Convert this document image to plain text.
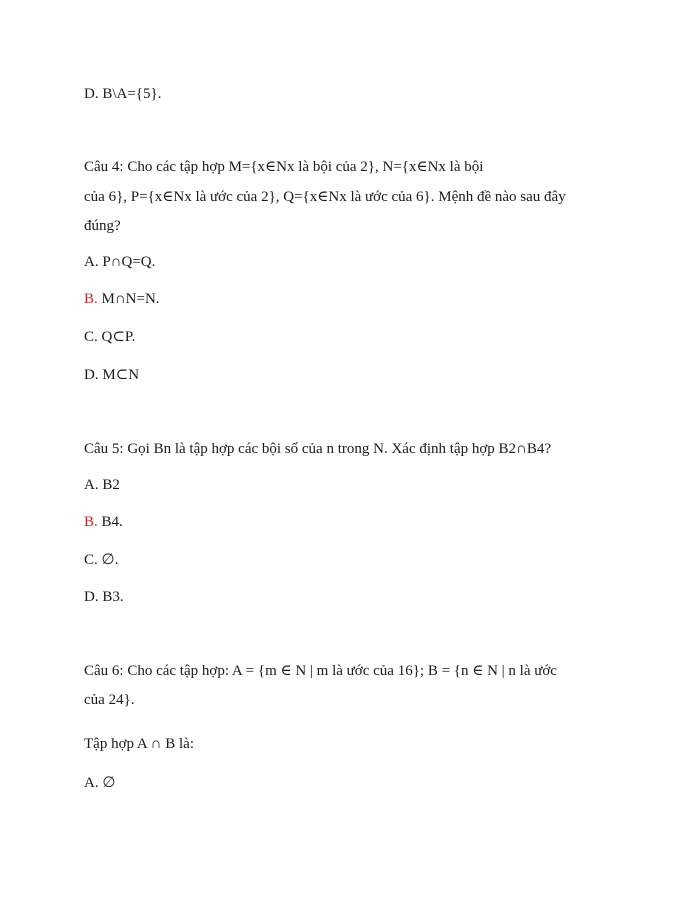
D. B\A={5}.
Câu 4: Cho các tập hợp M={x∈Nx là bội của 2}, N={x∈Nx là bội
của 6}, P={x∈Nx là ước của 2}, Q={x∈Nx là ước của 6}. Mệnh đề nào sau đây
đúng?
A. P∩Q=Q.
B. M∩N=N.
C. Q⊂P.
D. M⊂N
Câu 5: Gọi Bn là tập hợp các bội số của n trong N. Xác định tập hợp B2∩B4?
A. B2
B. B4.
C. ∅.
D. B3.
Câu 6: Cho các tập hợp: A = {m ∈ N | m là ước của 16}; B = {n ∈ N | n là ước
của 24}.
Tập hợp A ∩ B là:
A. ∅
